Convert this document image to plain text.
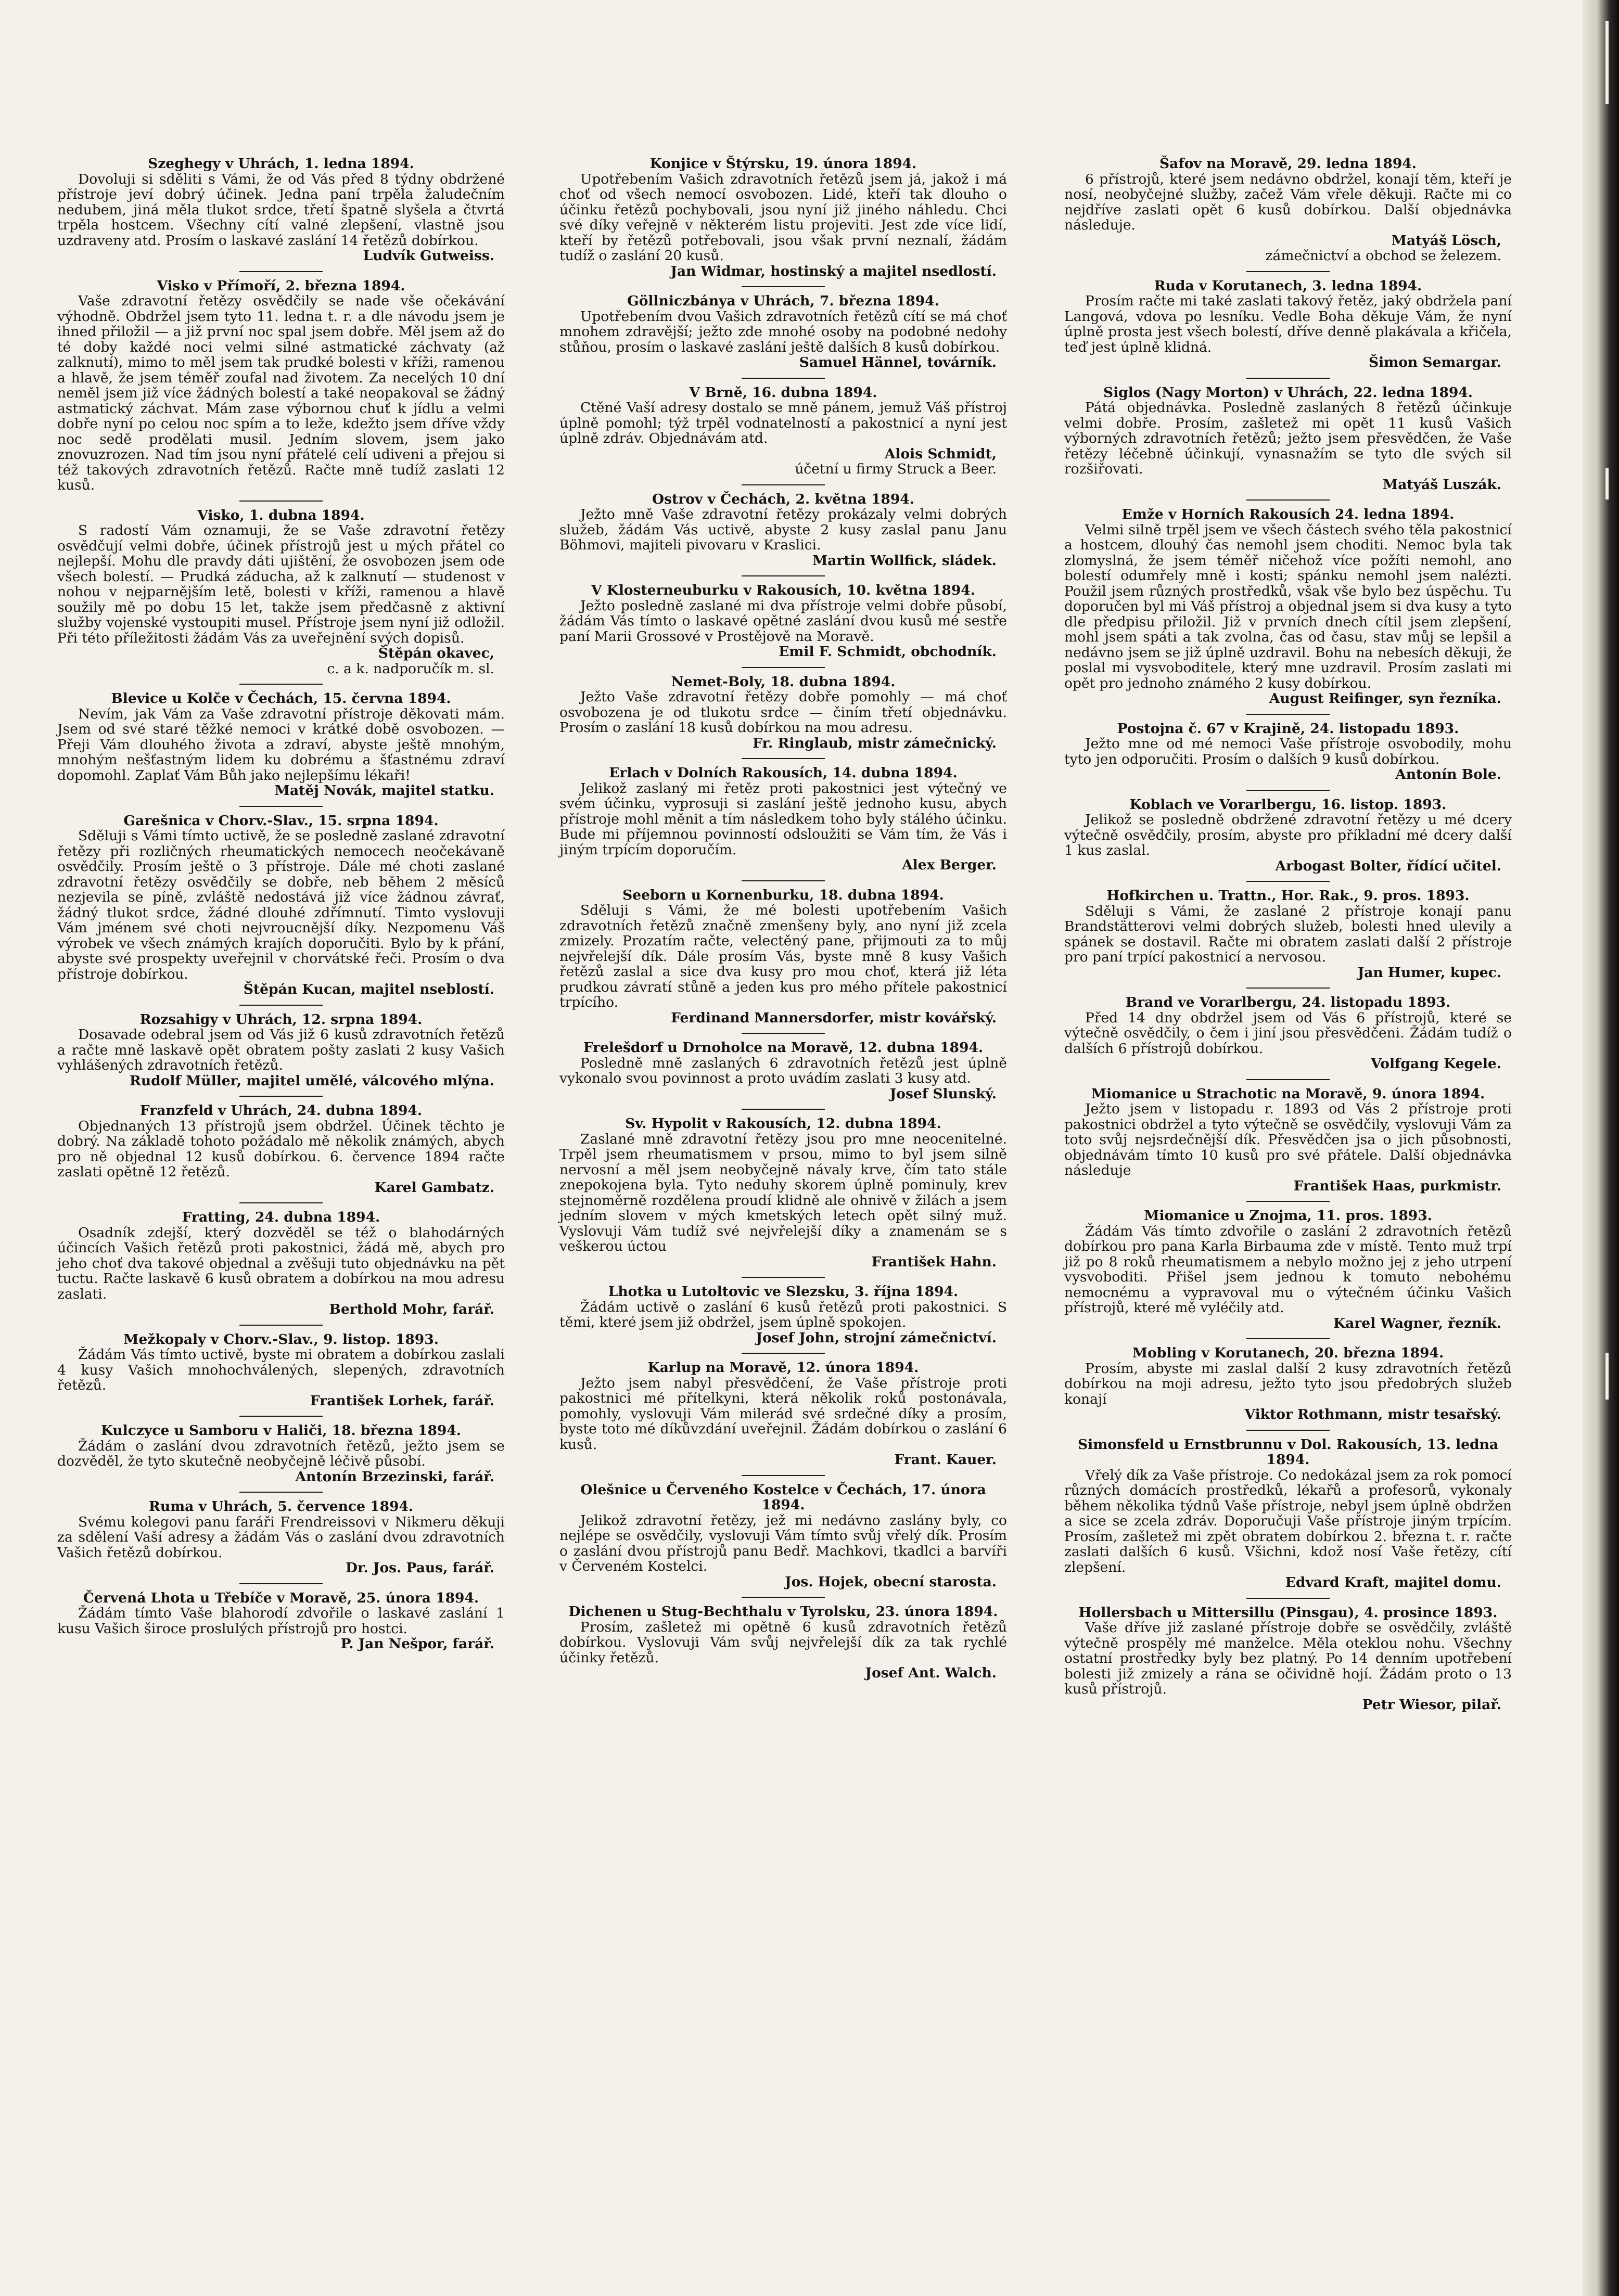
Szeghegy v Uhrách, 1. ledna 1894.
Dovoluji si sděliti s Vámi, že od Vás před 8 týdny obdržené přístroje jeví dobrý účinek. Jedna paní trpěla žaludečním nedubem, jiná měla tlukot srdce, třetí špatně slyšela a čtvrtá trpěla hostcem. Všechny cítí valné zlepšení, vlastně jsou uzdraveny atd. Prosím o laskavé zaslání 14 řetězů dobírkou.
Ludvík Gutweiss.
Visko v Přímoří, 2. března 1894.
Vaše zdravotní řetězy osvědčily se nade vše očekávání výhodně. Obdržel jsem tyto 11. ledna t. r. a dle návodu jsem je ihned přiložil — a již první noc spal jsem dobře. Měl jsem až do té doby každé noci velmi silné astmatické záchvaty (až zalknutí), mimo to měl jsem tak prudké bolesti v kříži, ramenou a hlavě, že jsem téměř zoufal nad životem. Za necelých 10 dní neměl jsem již více žádných bolestí a také neopakoval se žádný astmatický záchvat. Mám zase výbornou chuť k jídlu a velmi dobře nyní po celou noc spím a to leže, kdežto jsem dříve vždy noc sedě prodělati musil. Jedním slovem, jsem jako znovuzrozen. Nad tím jsou nyní přátelé celí udiveni a přejou si též takových zdravotních řetězů. Račte mně tudíž zaslati 12 kusů.
Visko, 1. dubna 1894.
S radostí Vám oznamuji, že se Vaše zdravotní řetězy osvědčují velmi dobře, účinek přístrojů jest u mých přátel co nejlepší. Mohu dle pravdy dáti ujištění, že osvobozen jsem ode všech bolestí. — Prudká záducha, až k zalknutí — studenost v nohou v nejparnějším letě, bolesti v kříži, ramenou a hlavě soužily mě po dobu 15 let, takže jsem předčasně z aktivní služby vojenské vystoupiti musel. Přístroje jsem nyní již odložil. Při této příležitosti žádám Vás za uveřejnění svých dopisů.
Štěpán okavec,
c. a k. nadporučík m. sl.
Blevice u Kolče v Čechách, 15. června 1894.
Nevím, jak Vám za Vaše zdravotní přístroje děkovati mám. Jsem od své staré těžké nemoci v krátké době osvobozen. — Přeji Vám dlouhého života a zdraví, abyste ještě mnohým, mnohým nešťastným lidem ku dobrému a šťastnému zdraví dopomohl. Zaplať Vám Bůh jako nejlepšímu lékaři!
Matěj Novák, majitel statku.
Garešnica v Chorv.-Slav., 15. srpna 1894.
Sděluji s Vámi tímto uctivě, že se posledně zaslané zdravotní řetězy při rozličných rheumatických nemocech neočekávaně osvědčily. Prosím ještě o 3 přístroje. Dále mé choti zaslané zdravotní řetězy osvědčily se dobře, neb během 2 měsíců nezjevila se píně, zvláště nedostává již více žádnou závrať, žádný tlukot srdce, žádné dlouhé zdřímnutí. Timto vyslovuji Vám jménem své choti nejvroucnější díky. Nezpomenu Váš výrobek ve všech známých krajích doporučiti. Bylo by k přání, abyste své prospekty uveřejnil v chorvátské řeči. Prosím o dva přístroje dobírkou.
Štěpán Kucan, majitel nseblostí.
Rozsahigy v Uhrách, 12. srpna 1894.
Dosavade odebral jsem od Vás již 6 kusů zdravotních řetězů a račte mně laskavě opět obratem pošty zaslati 2 kusy Vašich vyhlášených zdravotních řetězů.
Rudolf Müller, majitel umělé, válcového mlýna.
Franzfeld v Uhrách, 24. dubna 1894.
Objednaných 13 přístrojů jsem obdržel. Účinek těchto je dobrý. Na základě tohoto požádalo mě několik známých, abych pro ně objednal 12 kusů dobírkou. 6. července 1894 račte zaslati opětně 12 řetězů.
Karel Gambatz.
Fratting, 24. dubna 1894.
Osadník zdejší, který dozvěděl se též o blahodárných účincích Vašich řetězů proti pakostnici, žádá mě, abych pro jeho choť dva takové objednal a zvěšuji tuto objednávku na pět tuctu. Račte laskavě 6 kusů obratem a dobírkou na mou adresu zaslati.
Berthold Mohr, farář.
Mežkopaly v Chorv.-Slav., 9. listop. 1893.
Žádám Vás tímto uctivě, byste mi obratem a dobírkou zaslali 4 kusy Vašich mnohochválených, slepených, zdravotních řetězů.
František Lorhek, farář.
Kulczyce u Samboru v Haliči, 18. března 1894.
Žádám o zaslání dvou zdravotních řetězů, ježto jsem se dozvěděl, že tyto skutečně neobyčejně léčivě působí.
Antonín Brzezinski, farář.
Ruma v Uhrách, 5. července 1894.
Svému kolegovi panu faráři Frendreissovi v Nikmeru děkuji za sdělení Vaší adresy a žádám Vás o zaslání dvou zdravotních Vašich řetězů dobírkou.
Dr. Jos. Paus, farář.
Červená Lhota u Třebíče v Moravě, 25. února 1894.
Žádám tímto Vaše blahorodí zdvořile o laskavé zaslání 1 kusu Vašich široce proslulých přístrojů pro hostci.
P. Jan Nešpor, farář.
Konjice v Štýrsku, 19. února 1894.
Upotřebením Vašich zdravotních řetězů jsem já, jakož i má choť od všech nemocí osvobozen. Lidé, kteří tak dlouho o účinku řetězů pochybovali, jsou nyní již jiného náhledu. Chci své díky veřejně v některém listu projeviti. Jest zde více lidí, kteří by řetězů potřebovali, jsou však první neznalí, žádám tudíž o zaslání 20 kusů.
Jan Widmar, hostinský a majitel nsedlostí.
Göllniczbánya v Uhrách, 7. března 1894.
Upotřebením dvou Vašich zdravotních řetězů cítí se má choť mnohem zdravější; ježto zde mnohé osoby na podobné nedohy stůňou, prosím o laskavé zaslání ještě dalších 8 kusů dobírkou.
Samuel Hännel, továrník.
V Brně, 16. dubna 1894.
Ctěné Vaší adresy dostalo se mně pánem, jemuž Váš přístroj úplně pomohl; týž trpěl vodnatelností a pakostnicí a nyní jest úplně zdráv. Objednávám atd.
Alois Schmidt,
účetní u firmy Struck a Beer.
Ostrov v Čechách, 2. května 1894.
Ježto mně Vaše zdravotní řetězy prokázaly velmi dobrých služeb, žádám Vás uctivě, abyste 2 kusy zaslal panu Janu Böhmovi, majiteli pivovaru v Kraslici.
Martin Wollfick, sládek.
V Klosterneuburku v Rakousích, 10. května 1894.
Ježto posledně zaslané mi dva přístroje velmi dobře působí, žádám Vás tímto o laskavé opětné zaslání dvou kusů mé sestře paní Marii Grossové v Prostějově na Moravě.
Emil F. Schmidt, obchodník.
Nemet-Boly, 18. dubna 1894.
Ježto Vaše zdravotní řetězy dobře pomohly — má choť osvobozena je od tlukotu srdce — činím třetí objednávku. Prosím o zaslání 18 kusů dobírkou na mou adresu.
Fr. Ringlaub, mistr zámečnický.
Erlach v Dolních Rakousích, 14. dubna 1894.
Jelikož zaslaný mi řetěz proti pakostnici jest výtečný ve svém účinku, vyprosuji si zaslání ještě jednoho kusu, abych přístroje mohl měnit a tím následkem toho byly stálého účinku. Bude mi příjemnou povinností odsloužiti se Vám tím, že Vás i jiným trpícím doporučím.
Alex Berger.
Seeborn u Kornenburku, 18. dubna 1894.
Sděluji s Vámi, že mé bolesti upotřebením Vašich zdravotních řetězů značně zmenšeny byly, ano nyní již zcela zmizely. Prozatím račte, velectěný pane, přijmouti za to můj nejvřelejší dík. Dále prosím Vás, byste mně 8 kusy Vašich řetězů zaslal a sice dva kusy pro mou choť, která již léta prudkou závratí stůně a jeden kus pro mého přítele pakostnicí trpícího.
Ferdinand Mannersdorfer, mistr kovářský.
Frelešdorf u Drnoholce na Moravě, 12. dubna 1894.
Posledně mně zaslaných 6 zdravotních řetězů jest úplně vykonalo svou povinnost a proto uvádím zaslati 3 kusy atd.
Josef Slunský.
Sv. Hypolit v Rakousích, 12. dubna 1894.
Zaslané mně zdravotní řetězy jsou pro mne neocenitelné. Trpěl jsem rheumatismem v prsou, mimo to byl jsem silně nervosní a měl jsem neobyčejně návaly krve, čím tato stále znepokojena byla. Tyto neduhy skorem úplně pominuly, krev stejnoměrně rozdělena proudí klidně ale ohnivě v žilách a jsem jedním slovem v mých kmetských letech opět silný muž. Vyslovuji Vám tudíž své nejvřelejší díky a znamenám se s veškerou úctou
František Hahn.
Lhotka u Lutoltovic ve Slezsku, 3. října 1894.
Žádám uctivě o zaslání 6 kusů řetězů proti pakostnici. S těmi, které jsem již obdržel, jsem úplně spokojen.
Josef John, strojní zámečnictví.
Karlup na Moravě, 12. února 1894.
Ježto jsem nabyl přesvědčení, že Vaše přístroje proti pakostnici mé přítelkyni, která několik roků postonávala, pomohly, vyslovuji Vám milerád své srdečné díky a prosím, byste toto mé díkůvzdání uveřejnil. Žádám dobírkou o zaslání 6 kusů.
Frant. Kauer.
Olešnice u Červeného Kostelce v Čechách, 17. února 1894.
Jelikož zdravotní řetězy, jež mi nedávno zaslány byly, co nejlépe se osvědčily, vyslovuji Vám tímto svůj vřelý dík. Prosím o zaslání dvou přístrojů panu Bedř. Machkovi, tkadlci a barvíři v Červeném Kostelci.
Jos. Hojek, obecní starosta.
Dichenen u Stug-Bechthalu v Tyrolsku, 23. února 1894.
Prosím, zašletež mi opětně 6 kusů zdravotních řetězů dobírkou. Vyslovuji Vám svůj nejvřelejší dík za tak rychlé účinky řetězů.
Josef Ant. Walch.
Šafov na Moravě, 29. ledna 1894.
6 přístrojů, které jsem nedávno obdržel, konají těm, kteří je nosí, neobyčejné služby, začež Vám vřele děkuji. Račte mi co nejdříve zaslati opět 6 kusů dobírkou. Další objednávka následuje.
Matyáš Lösch,
zámečnictví a obchod se železem.
Ruda v Korutanech, 3. ledna 1894.
Prosím račte mi také zaslati takový řetěz, jaký obdržela paní Langová, vdova po lesníku. Vedle Boha děkuje Vám, že nyní úplně prosta jest všech bolestí, dříve denně plakávala a křičela, teď jest úplně klidná.
Šimon Semargar.
Siglos (Nagy Morton) v Uhrách, 22. ledna 1894.
Pátá objednávka. Posledně zaslaných 8 řetězů účinkuje velmi dobře. Prosím, zašletež mi opět 11 kusů Vašich výborných zdravotních řetězů; ježto jsem přesvědčen, že Vaše řetězy léčebně účinkují, vynasnažím se tyto dle svých sil rozšiřovati.
Matyáš Luszák.
Emže v Horních Rakousích 24. ledna 1894.
Velmi silně trpěl jsem ve všech částech svého těla pakostnicí a hostcem, dlouhý čas nemohl jsem choditi. Nemoc byla tak zlomyslná, že jsem téměř ničehož více požíti nemohl, ano bolestí odumřely mně i kosti; spánku nemohl jsem nalézti. Použil jsem různých prostředků, však vše bylo bez úspěchu. Tu doporučen byl mi Váš přístroj a objednal jsem si dva kusy a tyto dle předpisu přiložil. Již v prvních dnech cítil jsem zlepšení, mohl jsem spáti a tak zvolna, čas od času, stav můj se lepšil a nedávno jsem se již úplně uzdravil. Bohu na nebesích děkuji, že poslal mi vysvoboditele, který mne uzdravil. Prosím zaslati mi opět pro jednoho známého 2 kusy dobírkou.
August Reifinger, syn řezníka.
Postojna č. 67 v Krajině, 24. listopadu 1893.
Ježto mne od mé nemoci Vaše přístroje osvobodily, mohu tyto jen odporučiti. Prosím o dalších 9 kusů dobírkou.
Antonín Bole.
Koblach ve Vorarlbergu, 16. listop. 1893.
Jelikož se posledně obdržené zdravotní řetězy u mé dcery výtečně osvědčily, prosím, abyste pro příkladní mé dcery další 1 kus zaslal.
Arbogast Bolter, řídící učitel.
Hofkirchen u. Trattn., Hor. Rak., 9. pros. 1893.
Sděluji s Vámi, že zaslané 2 přístroje konají panu Brandstätterovi velmi dobrých služeb, bolesti hned ulevily a spánek se dostavil. Račte mi obratem zaslati další 2 přístroje pro paní trpící pakostnicí a nervosou.
Jan Humer, kupec.
Brand ve Vorarlbergu, 24. listopadu 1893.
Před 14 dny obdržel jsem od Vás 6 přístrojů, které se výtečně osvědčily, o čem i jiní jsou přesvědčeni. Žádám tudíž o dalších 6 přístrojů dobírkou.
Volfgang Kegele.
Miomanice u Strachotic na Moravě, 9. února 1894.
Ježto jsem v listopadu r. 1893 od Vás 2 přístroje proti pakostnici obdržel a tyto výtečně se osvědčily, vyslovuji Vám za toto svůj nejsrdečnější dík. Přesvědčen jsa o jich působnosti, objednávám tímto 10 kusů pro své přátele. Další objednávka následuje
František Haas, purkmistr.
Miomanice u Znojma, 11. pros. 1893.
Žádám Vás tímto zdvořile o zaslání 2 zdravotních řetězů dobírkou pro pana Karla Birbauma zde v místě. Tento muž trpí již po 8 roků rheumatismem a nebylo možno jej z jeho utrpení vysvoboditi. Přišel jsem jednou k tomuto nebohému nemocnému a vypravoval mu o výtečném účinku Vašich přístrojů, které mě vyléčily atd.
Karel Wagner, řezník.
Mobling v Korutanech, 20. března 1894.
Prosím, abyste mi zaslal další 2 kusy zdravotních řetězů dobírkou na moji adresu, ježto tyto jsou předobrých služeb konají
Viktor Rothmann, mistr tesařský.
Simonsfeld u Ernstbrunnu v Dol. Rakousích, 13. ledna 1894.
Vřelý dík za Vaše přístroje. Co nedokázal jsem za rok pomocí různých domácích prostředků, lékařů a profesorů, vykonaly během několika týdnů Vaše přístroje, nebyl jsem úplně obdržen a sice se zcela zdráv. Doporučuji Vaše přístroje jiným trpícím. Prosím, zašletež mi zpět obratem dobírkou 2. března t. r. račte zaslati dalších 6 kusů. Všichni, kdož nosí Vaše řetězy, cítí zlepšení.
Edvard Kraft, majitel domu.
Hollersbach u Mittersillu (Pinsgau), 4. prosince 1893.
Vaše dříve již zaslané přístroje dobře se osvědčily, zvláště výtečně prospěly mé manželce. Měla oteklou nohu. Všechny ostatní prostředky byly bez platný. Po 14 denním upotřebení bolesti již zmizely a rána se očividně hojí. Žádám proto o 13 kusů přístrojů.
Petr Wiesor, pilař.
